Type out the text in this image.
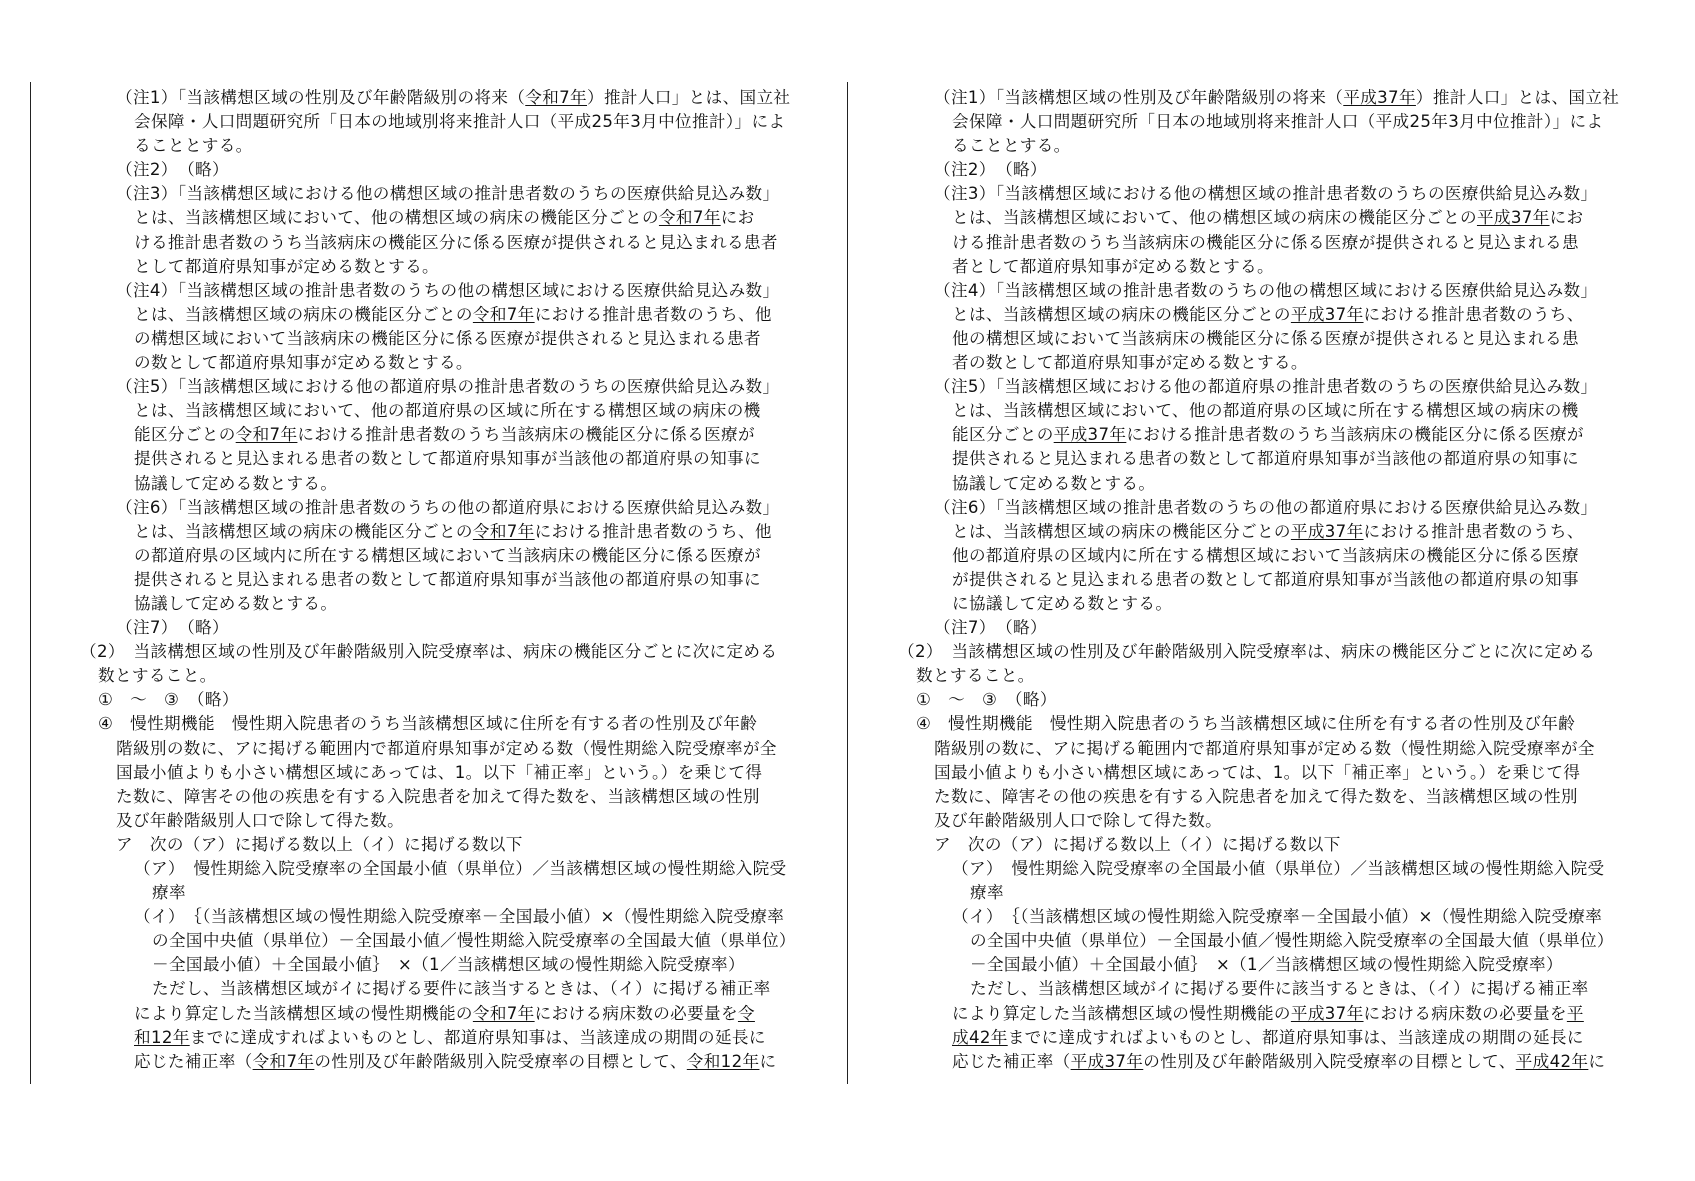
（注1）「当該構想区域の性別及び年齢階級別の将来（令和7年）推計人口」とは、国立社
会保障・人口問題研究所「日本の地域別将来推計人口（平成25年3月中位推計）」によ
ることとする。
（注2）　（略）
（注3）「当該構想区域における他の構想区域の推計患者数のうちの医療供給見込み数」
とは、当該構想区域において、他の構想区域の病床の機能区分ごとの令和7年にお
ける推計患者数のうち当該病床の機能区分に係る医療が提供されると見込まれる患者
として都道府県知事が定める数とする。
（注4）「当該構想区域の推計患者数のうちの他の構想区域における医療供給見込み数」
とは、当該構想区域の病床の機能区分ごとの令和7年における推計患者数のうち、他
の構想区域において当該病床の機能区分に係る医療が提供されると見込まれる患者
の数として都道府県知事が定める数とする。
（注5）「当該構想区域における他の都道府県の推計患者数のうちの医療供給見込み数」
とは、当該構想区域において、他の都道府県の区域に所在する構想区域の病床の機
能区分ごとの令和7年における推計患者数のうち当該病床の機能区分に係る医療が
提供されると見込まれる患者の数として都道府県知事が当該他の都道府県の知事に
協議して定める数とする。
（注6）「当該構想区域の推計患者数のうちの他の都道府県における医療供給見込み数」
とは、当該構想区域の病床の機能区分ごとの令和7年における推計患者数のうち、他
の都道府県の区域内に所在する構想区域において当該病床の機能区分に係る医療が
提供されると見込まれる患者の数として都道府県知事が当該他の都道府県の知事に
協議して定める数とする。
（注7）　（略）
（2）　当該構想区域の性別及び年齢階級別入院受療率は、病床の機能区分ごとに次に定める
数とすること。
①　～　③　（略）
④　慢性期機能　慢性期入院患者のうち当該構想区域に住所を有する者の性別及び年齢
階級別の数に、アに掲げる範囲内で都道府県知事が定める数（慢性期総入院受療率が全
国最小値よりも小さい構想区域にあっては、1。以下「補正率」という。）を乗じて得
た数に、障害その他の疾患を有する入院患者を加えて得た数を、当該構想区域の性別
及び年齢階級別人口で除して得た数。
ア　次の（ア）に掲げる数以上（イ）に掲げる数以下
（ア）　慢性期総入院受療率の全国最小値（県単位）／当該構想区域の慢性期総入院受
療率
（イ）　｛（当該構想区域の慢性期総入院受療率－全国最小値）×（慢性期総入院受療率
の全国中央値（県単位）－全国最小値／慢性期総入院受療率の全国最大値（県単位）
－全国最小値）＋全国最小値｝　×（1／当該構想区域の慢性期総入院受療率）
ただし、当該構想区域がイに掲げる要件に該当するときは、（イ）に掲げる補正率
により算定した当該構想区域の慢性期機能の令和7年における病床数の必要量を令
和12年までに達成すればよいものとし、都道府県知事は、当該達成の期間の延長に
応じた補正率（令和7年の性別及び年齢階級別入院受療率の目標として、令和12年に
（注1）「当該構想区域の性別及び年齢階級別の将来（平成37年）推計人口」とは、国立社
会保障・人口問題研究所「日本の地域別将来推計人口（平成25年3月中位推計）」によ
ることとする。
（注2）　（略）
（注3）「当該構想区域における他の構想区域の推計患者数のうちの医療供給見込み数」
とは、当該構想区域において、他の構想区域の病床の機能区分ごとの平成37年にお
ける推計患者数のうち当該病床の機能区分に係る医療が提供されると見込まれる患
者として都道府県知事が定める数とする。
（注4）「当該構想区域の推計患者数のうちの他の構想区域における医療供給見込み数」
とは、当該構想区域の病床の機能区分ごとの平成37年における推計患者数のうち、
他の構想区域において当該病床の機能区分に係る医療が提供されると見込まれる患
者の数として都道府県知事が定める数とする。
（注5）「当該構想区域における他の都道府県の推計患者数のうちの医療供給見込み数」
とは、当該構想区域において、他の都道府県の区域に所在する構想区域の病床の機
能区分ごとの平成37年における推計患者数のうち当該病床の機能区分に係る医療が
提供されると見込まれる患者の数として都道府県知事が当該他の都道府県の知事に
協議して定める数とする。
（注6）「当該構想区域の推計患者数のうちの他の都道府県における医療供給見込み数」
とは、当該構想区域の病床の機能区分ごとの平成37年における推計患者数のうち、
他の都道府県の区域内に所在する構想区域において当該病床の機能区分に係る医療
が提供されると見込まれる患者の数として都道府県知事が当該他の都道府県の知事
に協議して定める数とする。
（注7）　（略）
（2）　当該構想区域の性別及び年齢階級別入院受療率は、病床の機能区分ごとに次に定める
数とすること。
①　～　③　（略）
④　慢性期機能　慢性期入院患者のうち当該構想区域に住所を有する者の性別及び年齢
階級別の数に、アに掲げる範囲内で都道府県知事が定める数（慢性期総入院受療率が全
国最小値よりも小さい構想区域にあっては、1。以下「補正率」という。）を乗じて得
た数に、障害その他の疾患を有する入院患者を加えて得た数を、当該構想区域の性別
及び年齢階級別人口で除して得た数。
ア　次の（ア）に掲げる数以上（イ）に掲げる数以下
（ア）　慢性期総入院受療率の全国最小値（県単位）／当該構想区域の慢性期総入院受
療率
（イ）　｛（当該構想区域の慢性期総入院受療率－全国最小値）×（慢性期総入院受療率
の全国中央値（県単位）－全国最小値／慢性期総入院受療率の全国最大値（県単位）
－全国最小値）＋全国最小値｝　×（1／当該構想区域の慢性期総入院受療率）
ただし、当該構想区域がイに掲げる要件に該当するときは、（イ）に掲げる補正率
により算定した当該構想区域の慢性期機能の平成37年における病床数の必要量を平
成42年までに達成すればよいものとし、都道府県知事は、当該達成の期間の延長に
応じた補正率（平成37年の性別及び年齢階級別入院受療率の目標として、平成42年に
